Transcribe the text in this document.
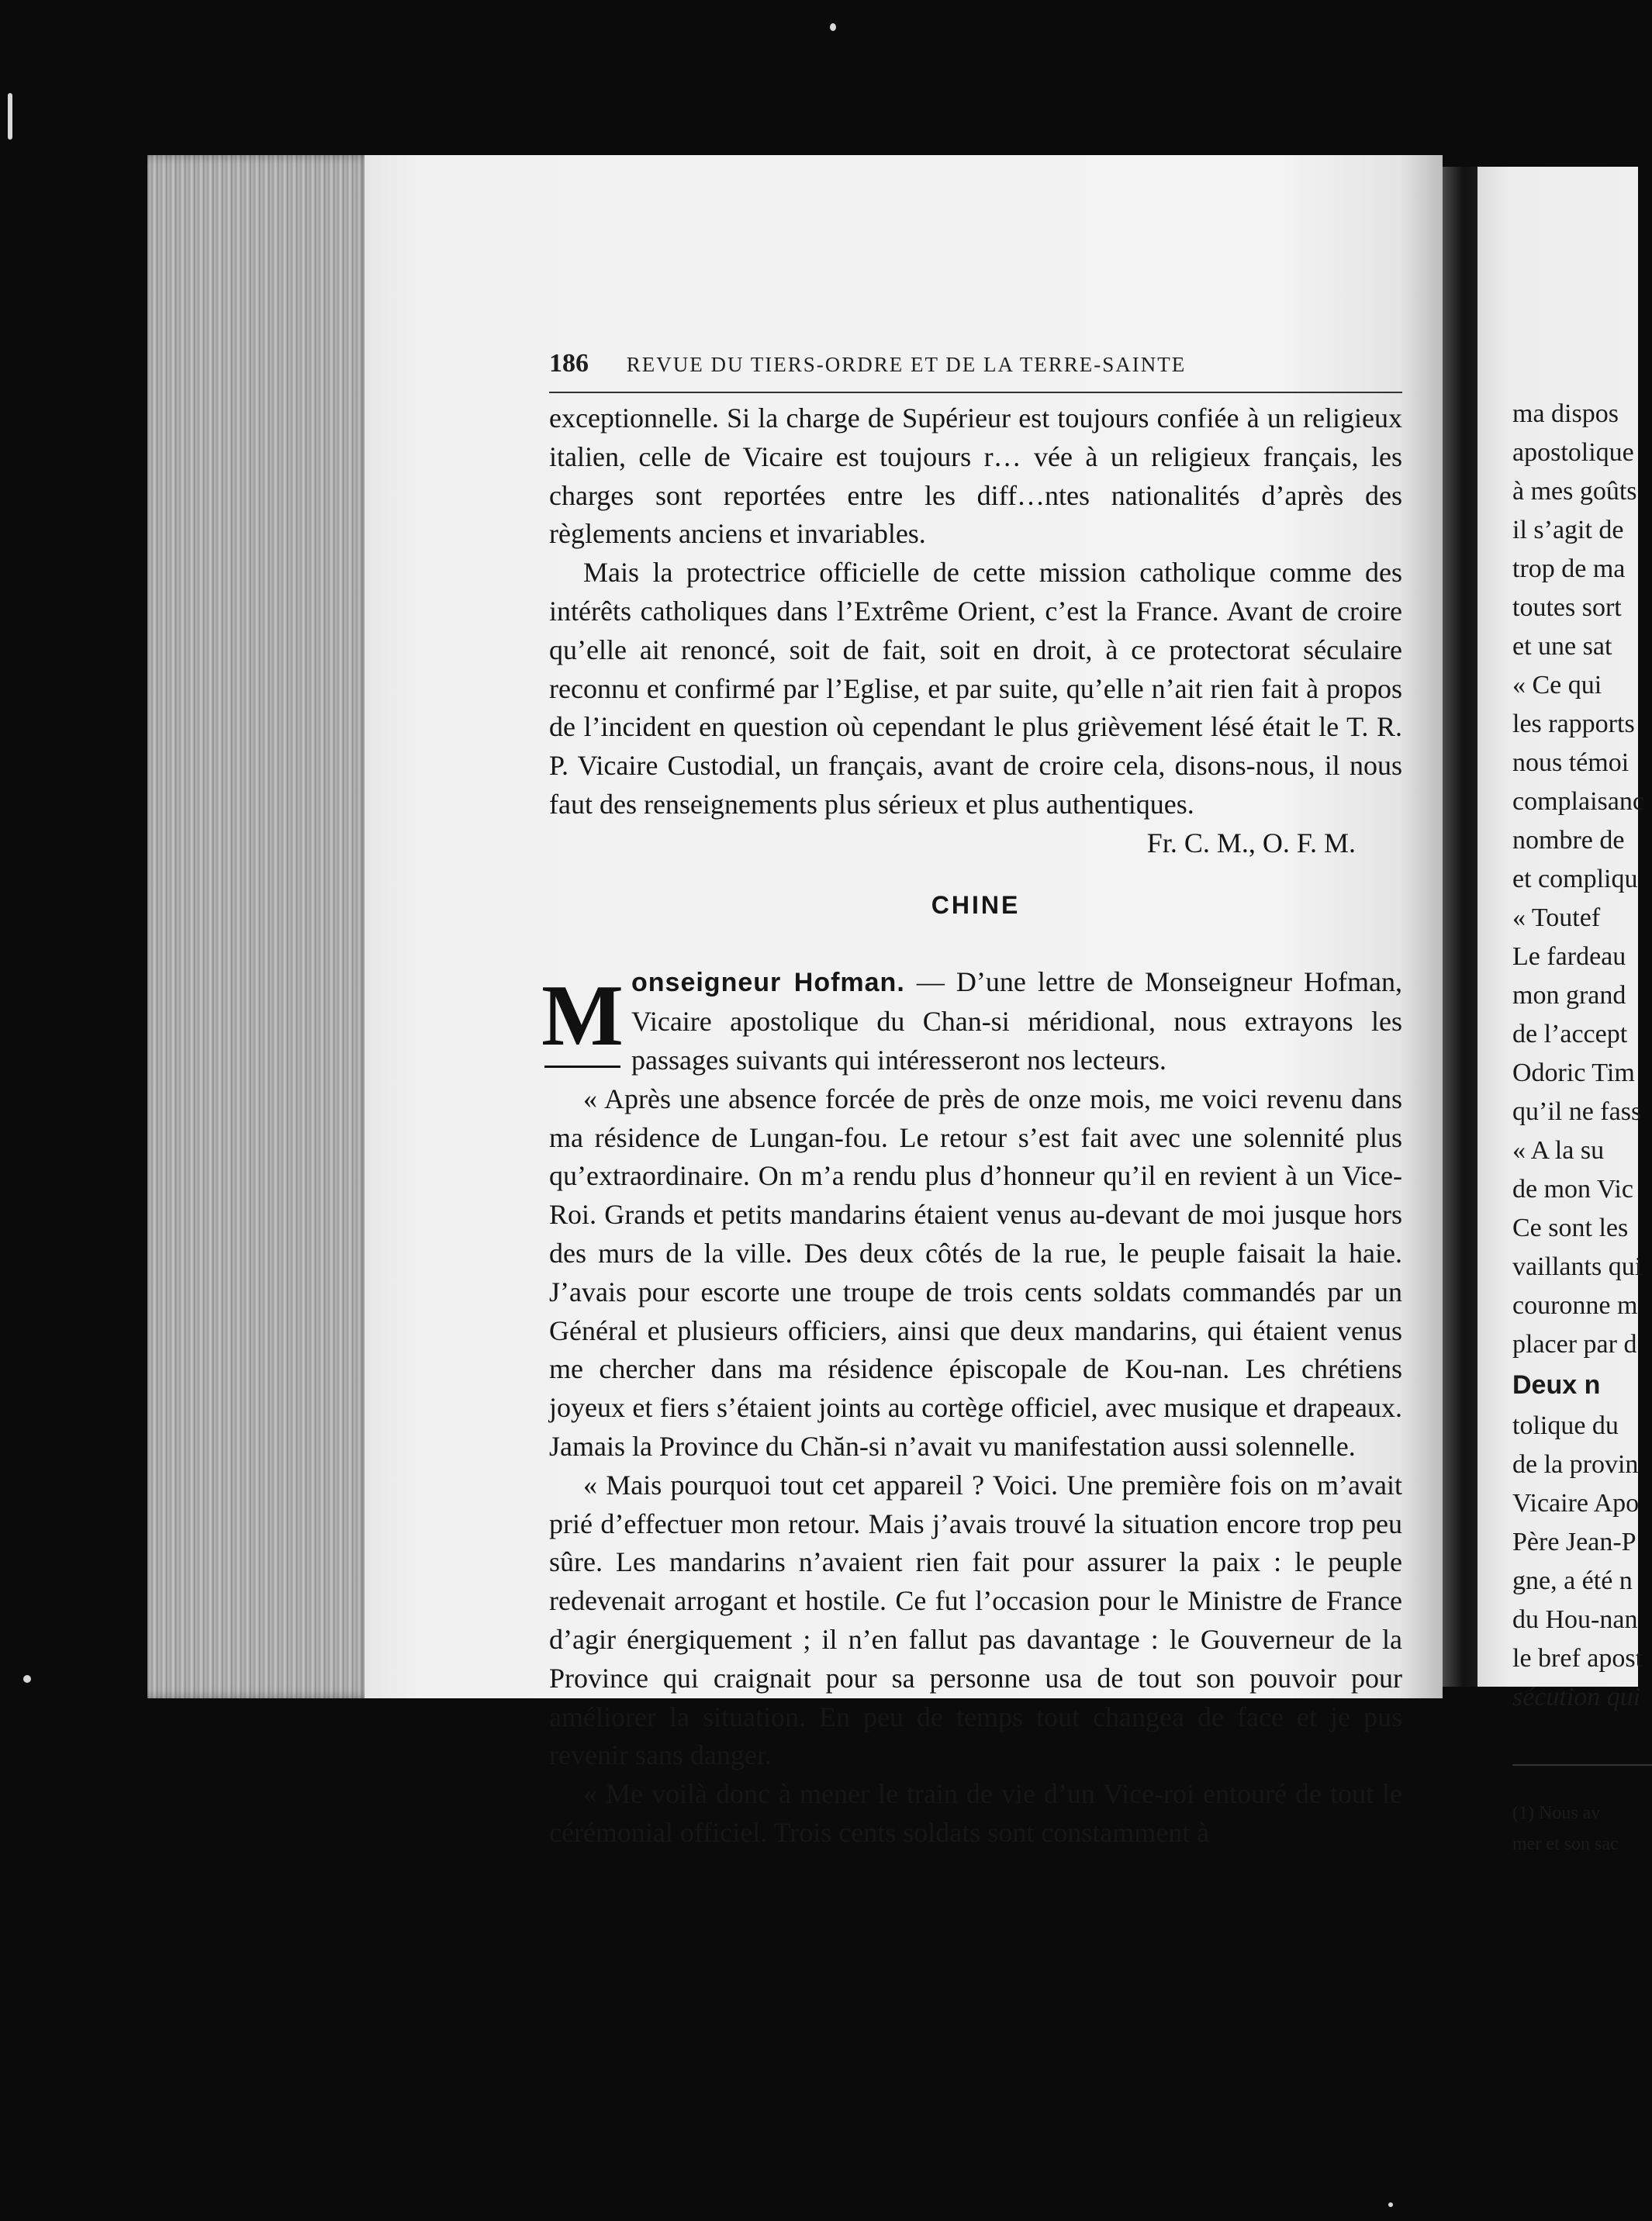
186 REVUE DU TIERS-ORDRE ET DE LA TERRE-SAINTE

exceptionnelle. Si la charge de Supérieur est toujours confiée à un religieux italien, celle de Vicaire est toujours r… vée à un religieux français, les charges sont reportées entre les diff…ntes nationalités d’après des règlements anciens et invariables.

Mais la protectrice officielle de cette mission catholique comme des intérêts catholiques dans l’Extrême Orient, c’est la France. Avant de croire qu’elle ait renoncé, soit de fait, soit en droit, à ce protectorat séculaire reconnu et confirmé par l’Eglise, et par suite, qu’elle n’ait rien fait à propos de l’incident en question où cependant le plus grièvement lésé était le T. R. P. Vicaire Custodial, un français, avant de croire cela, disons-nous, il nous faut des renseignements plus sérieux et plus authentiques.

Fr. C. M., O. F. M.

CHINE

M onseigneur Hofman. — D’une lettre de Monseigneur Hofman, Vicaire apostolique du Chan-si méridional, nous extrayons les passages suivants qui intéresseront nos lecteurs.

« Après une absence forcée de près de onze mois, me voici revenu dans ma résidence de Lungan-fou. Le retour s’est fait avec une solennité plus qu’extraordinaire. On m’a rendu plus d’honneur qu’il en revient à un Vice-Roi. Grands et petits mandarins étaient venus au-devant de moi jusque hors des murs de la ville. Des deux côtés de la rue, le peuple faisait la haie. J’avais pour escorte une troupe de trois cents soldats commandés par un Général et plusieurs officiers, ainsi que deux mandarins, qui étaient venus me chercher dans ma résidence épiscopale de Kou-nan. Les chrétiens joyeux et fiers s’étaient joints au cortège officiel, avec musique et drapeaux. Jamais la Province du Chăn-si n’avait vu manifestation aussi solennelle.

« Mais pourquoi tout cet appareil ? Voici. Une première fois on m’avait prié d’effectuer mon retour. Mais j’avais trouvé la situation encore trop peu sûre. Les mandarins n’avaient rien fait pour assurer la paix : le peuple redevenait arrogant et hostile. Ce fut l’occasion pour le Ministre de France d’agir énergiquement ; il n’en fallut pas davantage : le Gouverneur de la Province qui craignait pour sa personne usa de tout son pouvoir pour améliorer la situation. En peu de temps tout changea de face et je pus revenir sans danger.

« Me voilà donc à mener le train de vie d’un Vice-roi entouré de tout le cérémonial officiel. Trois cents soldats sont constamment à

ma dispos
apostolique
à mes goûts
il s’agit de
trop de ma
toutes sort
et une sat
« Ce qui
les rapports
nous témoi
complaisanc
nombre de
et compliqu
« Toutef
Le fardeau
mon grand
de l’accept
Odoric Tim
qu’il ne fass
« A la su
de mon Vic
Ce sont les
vaillants qui
couronne m
placer par d
Deux n
tolique du
de la provin
Vicaire Apo
Père Jean-P
gne, a été n
du Hou-nan
le bref apost
sécution qui
(1) Nous av
mer et son sac
